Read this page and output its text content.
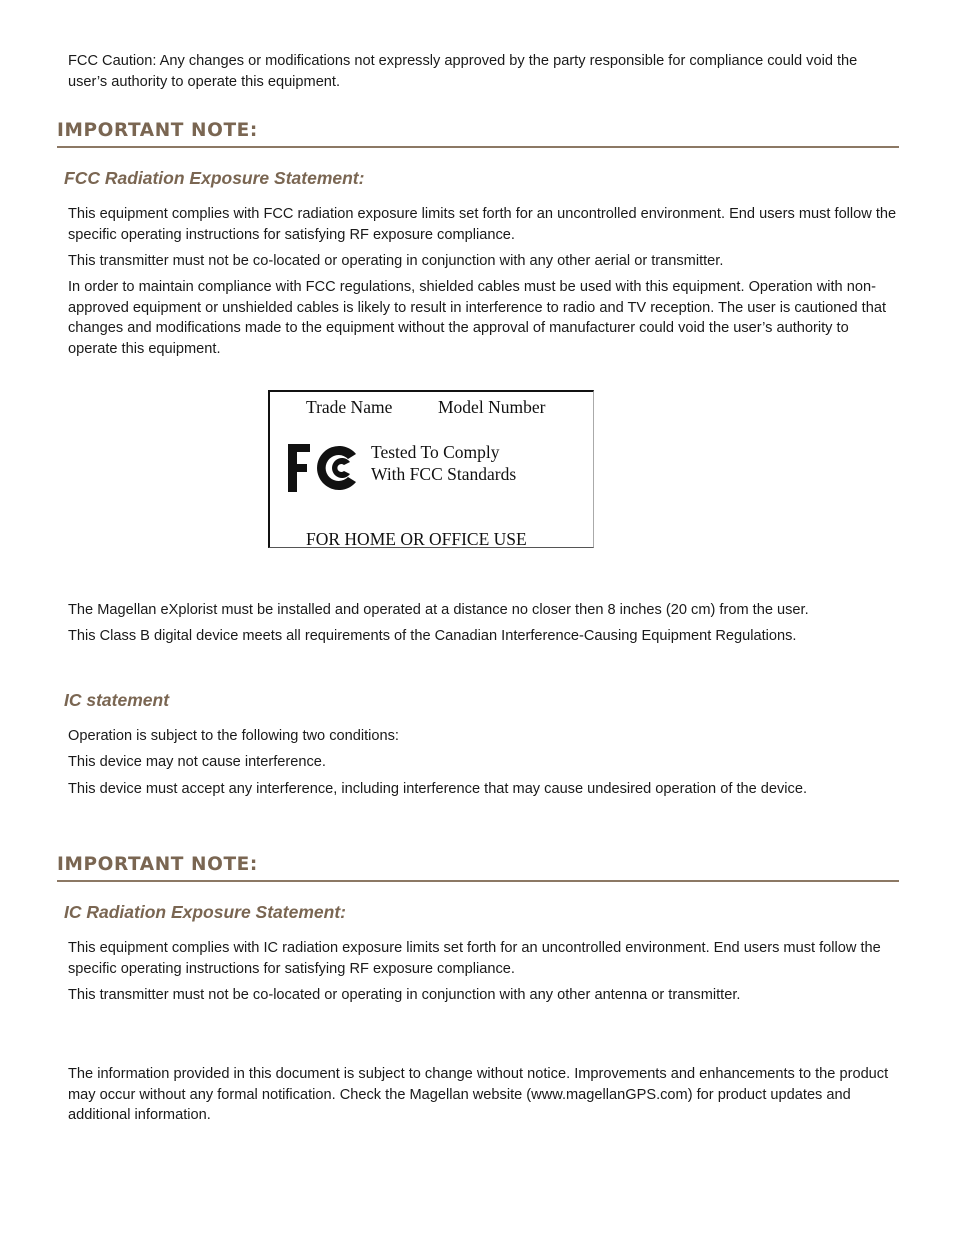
FCC Caution: Any changes or modifications not expressly approved by the party responsible for compliance could void the user’s authority to operate this equipment.

IMPORTANT NOTE:
FCC Radiation Exposure Statement:

This equipment complies with FCC radiation exposure limits set forth for an uncontrolled environment. End users must follow the specific operating instructions for satisfying RF exposure compliance.

This transmitter must not be co-located or operating in conjunction with any other aerial or transmitter.

In order to maintain compliance with FCC regulations, shielded cables must be used with this equipment. Operation with non-approved equipment or unshielded cables is likely to result in interference to radio and TV reception. The user is cautioned that changes and modifications made to the equipment without the approval of manufacturer could void the user’s authority to operate this equipment.

Trade Name	Model Number
Tested To Comply
With FCC Standards
FOR HOME OR OFFICE USE

The Magellan eXplorist must be installed and operated at a distance no closer then 8 inches (20 cm) from the user.

This Class B digital device meets all requirements of the Canadian Interference-Causing Equipment Regulations.

IC statement

Operation is subject to the following two conditions:

This device may not cause interference.

This device must accept any interference, including interference that may cause undesired operation of the device.

IMPORTANT NOTE:
IC Radiation Exposure Statement:

This equipment complies with IC radiation exposure limits set forth for an uncontrolled environment. End users must follow the specific operating instructions for satisfying RF exposure compliance.

This transmitter must not be co-located or operating in conjunction with any other antenna or transmitter.

The information provided in this document is subject to change without notice. Improvements and enhancements to the product may occur without any formal notification. Check the Magellan website (www.magellanGPS.com) for product updates and additional information.
